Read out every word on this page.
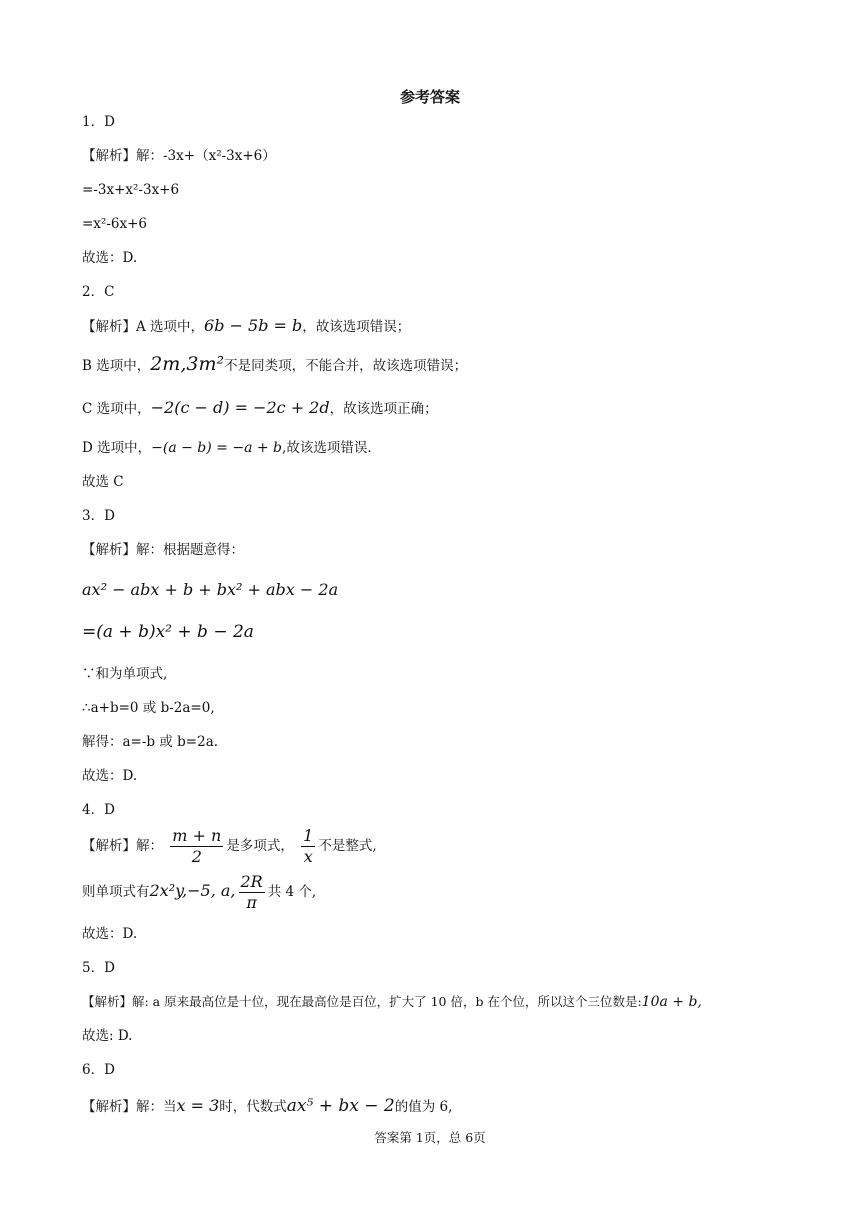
参考答案
1．D
【解析】解：-3x+（x²-3x+6）
=-3x+x²-3x+6
=x²-6x+6
故选：D.
2．C
【解析】A 选项中，6b − 5b = b，故该选项错误；
B 选项中，2m,3m²不是同类项，不能合并，故该选项错误；
C 选项中，−2(c − d) = −2c + 2d，故该选项正确；
D 选项中，−(a − b) = −a + b,故该选项错误.
故选 C
3．D
【解析】解：根据题意得：
ax² − abx + b + bx² + abx − 2a
=(a + b)x² + b − 2a
∵和为单项式,
∴a+b=0 或 b-2a=0,
解得：a=-b 或 b=2a.
故选：D.
4．D
【解析】解： $\frac{m + n}{2}$ 是多项式， $\frac{1}{x}$ 不是整式,
则单项式有2x²y,−5, a, $\frac{2R}{\pi}$ 共 4 个,
故选：D.
5．D
【解析】解: a 原来最高位是十位，现在最高位是百位，扩大了 10 倍，b 在个位，所以这个三位数是:10a + b,
故选: D.
6．D
【解析】解：当x = 3时，代数式ax⁵ + bx − 2的值为 6,
答案第 1页，总 6页
